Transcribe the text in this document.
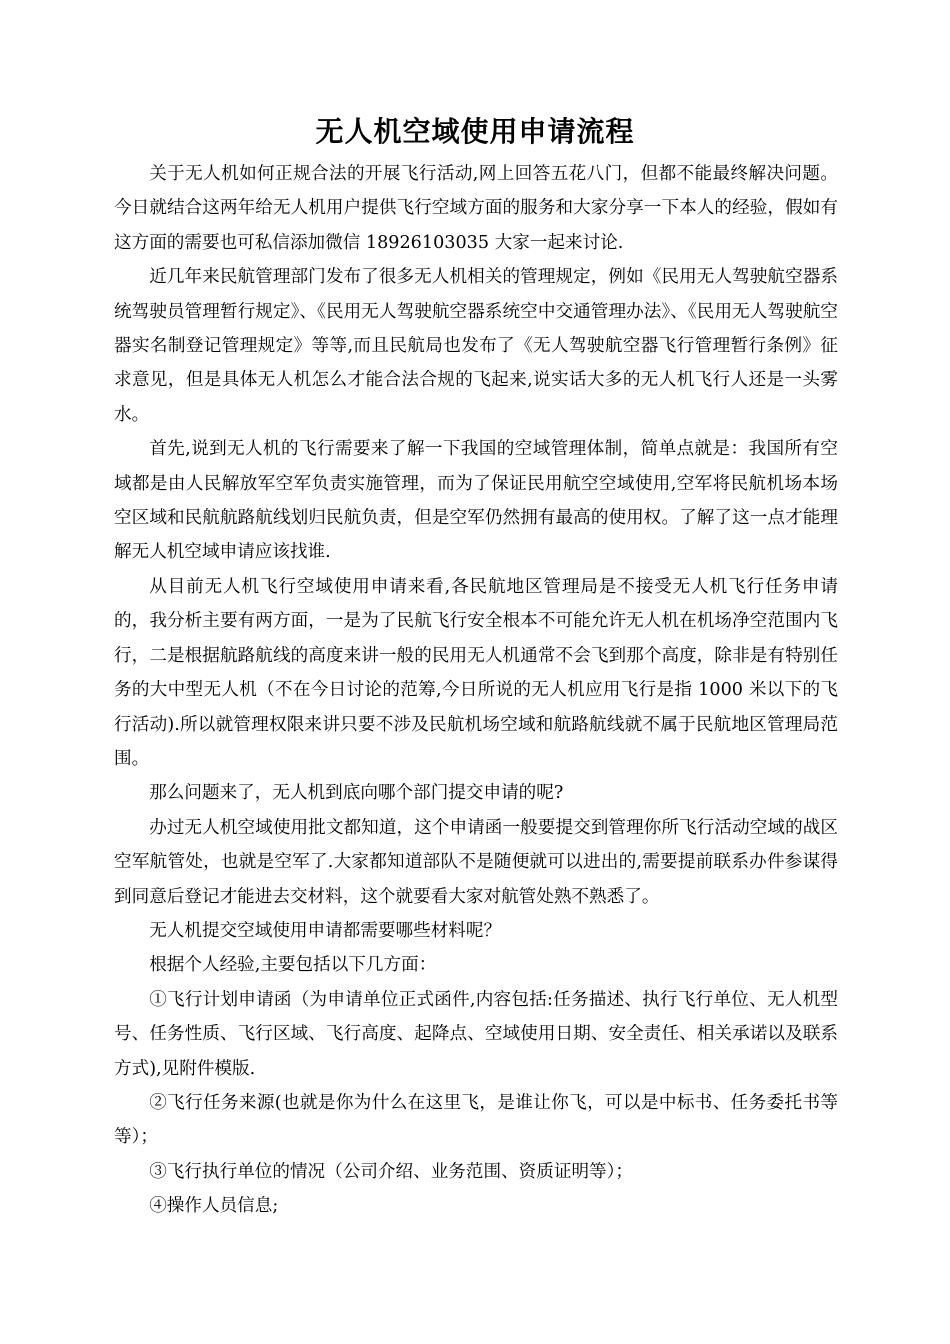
无人机空域使用申请流程

关于无人机如何正规合法的开展飞行活动,网上回答五花八门，但都不能最终解决问题。今日就结合这两年给无人机用户提供飞行空域方面的服务和大家分享一下本人的经验，假如有这方面的需要也可私信添加微信 18926103035 大家一起来讨论.

近几年来民航管理部门发布了很多无人机相关的管理规定，例如《民用无人驾驶航空器系统驾驶员管理暂行规定》、《民用无人驾驶航空器系统空中交通管理办法》、《民用无人驾驶航空器实名制登记管理规定》等等,而且民航局也发布了《无人驾驶航空器飞行管理暂行条例》征求意见，但是具体无人机怎么才能合法合规的飞起来,说实话大多的无人机飞行人还是一头雾水。

首先,说到无人机的飞行需要来了解一下我国的空域管理体制，简单点就是：我国所有空域都是由人民解放军空军负责实施管理，而为了保证民用航空空域使用,空军将民航机场本场空区域和民航航路航线划归民航负责，但是空军仍然拥有最高的使用权。了解了这一点才能理解无人机空域申请应该找谁.

从目前无人机飞行空域使用申请来看,各民航地区管理局是不接受无人机飞行任务申请的，我分析主要有两方面，一是为了民航飞行安全根本不可能允许无人机在机场净空范围内飞行，二是根据航路航线的高度来讲一般的民用无人机通常不会飞到那个高度，除非是有特别任务的大中型无人机（不在今日讨论的范筹,今日所说的无人机应用飞行是指 1000 米以下的飞行活动).所以就管理权限来讲只要不涉及民航机场空域和航路航线就不属于民航地区管理局范围。

那么问题来了，无人机到底向哪个部门提交申请的呢?

办过无人机空域使用批文都知道，这个申请函一般要提交到管理你所飞行活动空域的战区空军航管处，也就是空军了.大家都知道部队不是随便就可以进出的,需要提前联系办件参谋得到同意后登记才能进去交材料，这个就要看大家对航管处熟不熟悉了。

无人机提交空域使用申请都需要哪些材料呢？

根据个人经验,主要包括以下几方面：

①飞行计划申请函（为申请单位正式函件,内容包括:任务描述、执行飞行单位、无人机型号、任务性质、飞行区域、飞行高度、起降点、空域使用日期、安全责任、相关承诺以及联系方式),见附件模版.

②飞行任务来源(也就是你为什么在这里飞，是谁让你飞，可以是中标书、任务委托书等等）；

③飞行执行单位的情况（公司介绍、业务范围、资质证明等）；

④操作人员信息;
